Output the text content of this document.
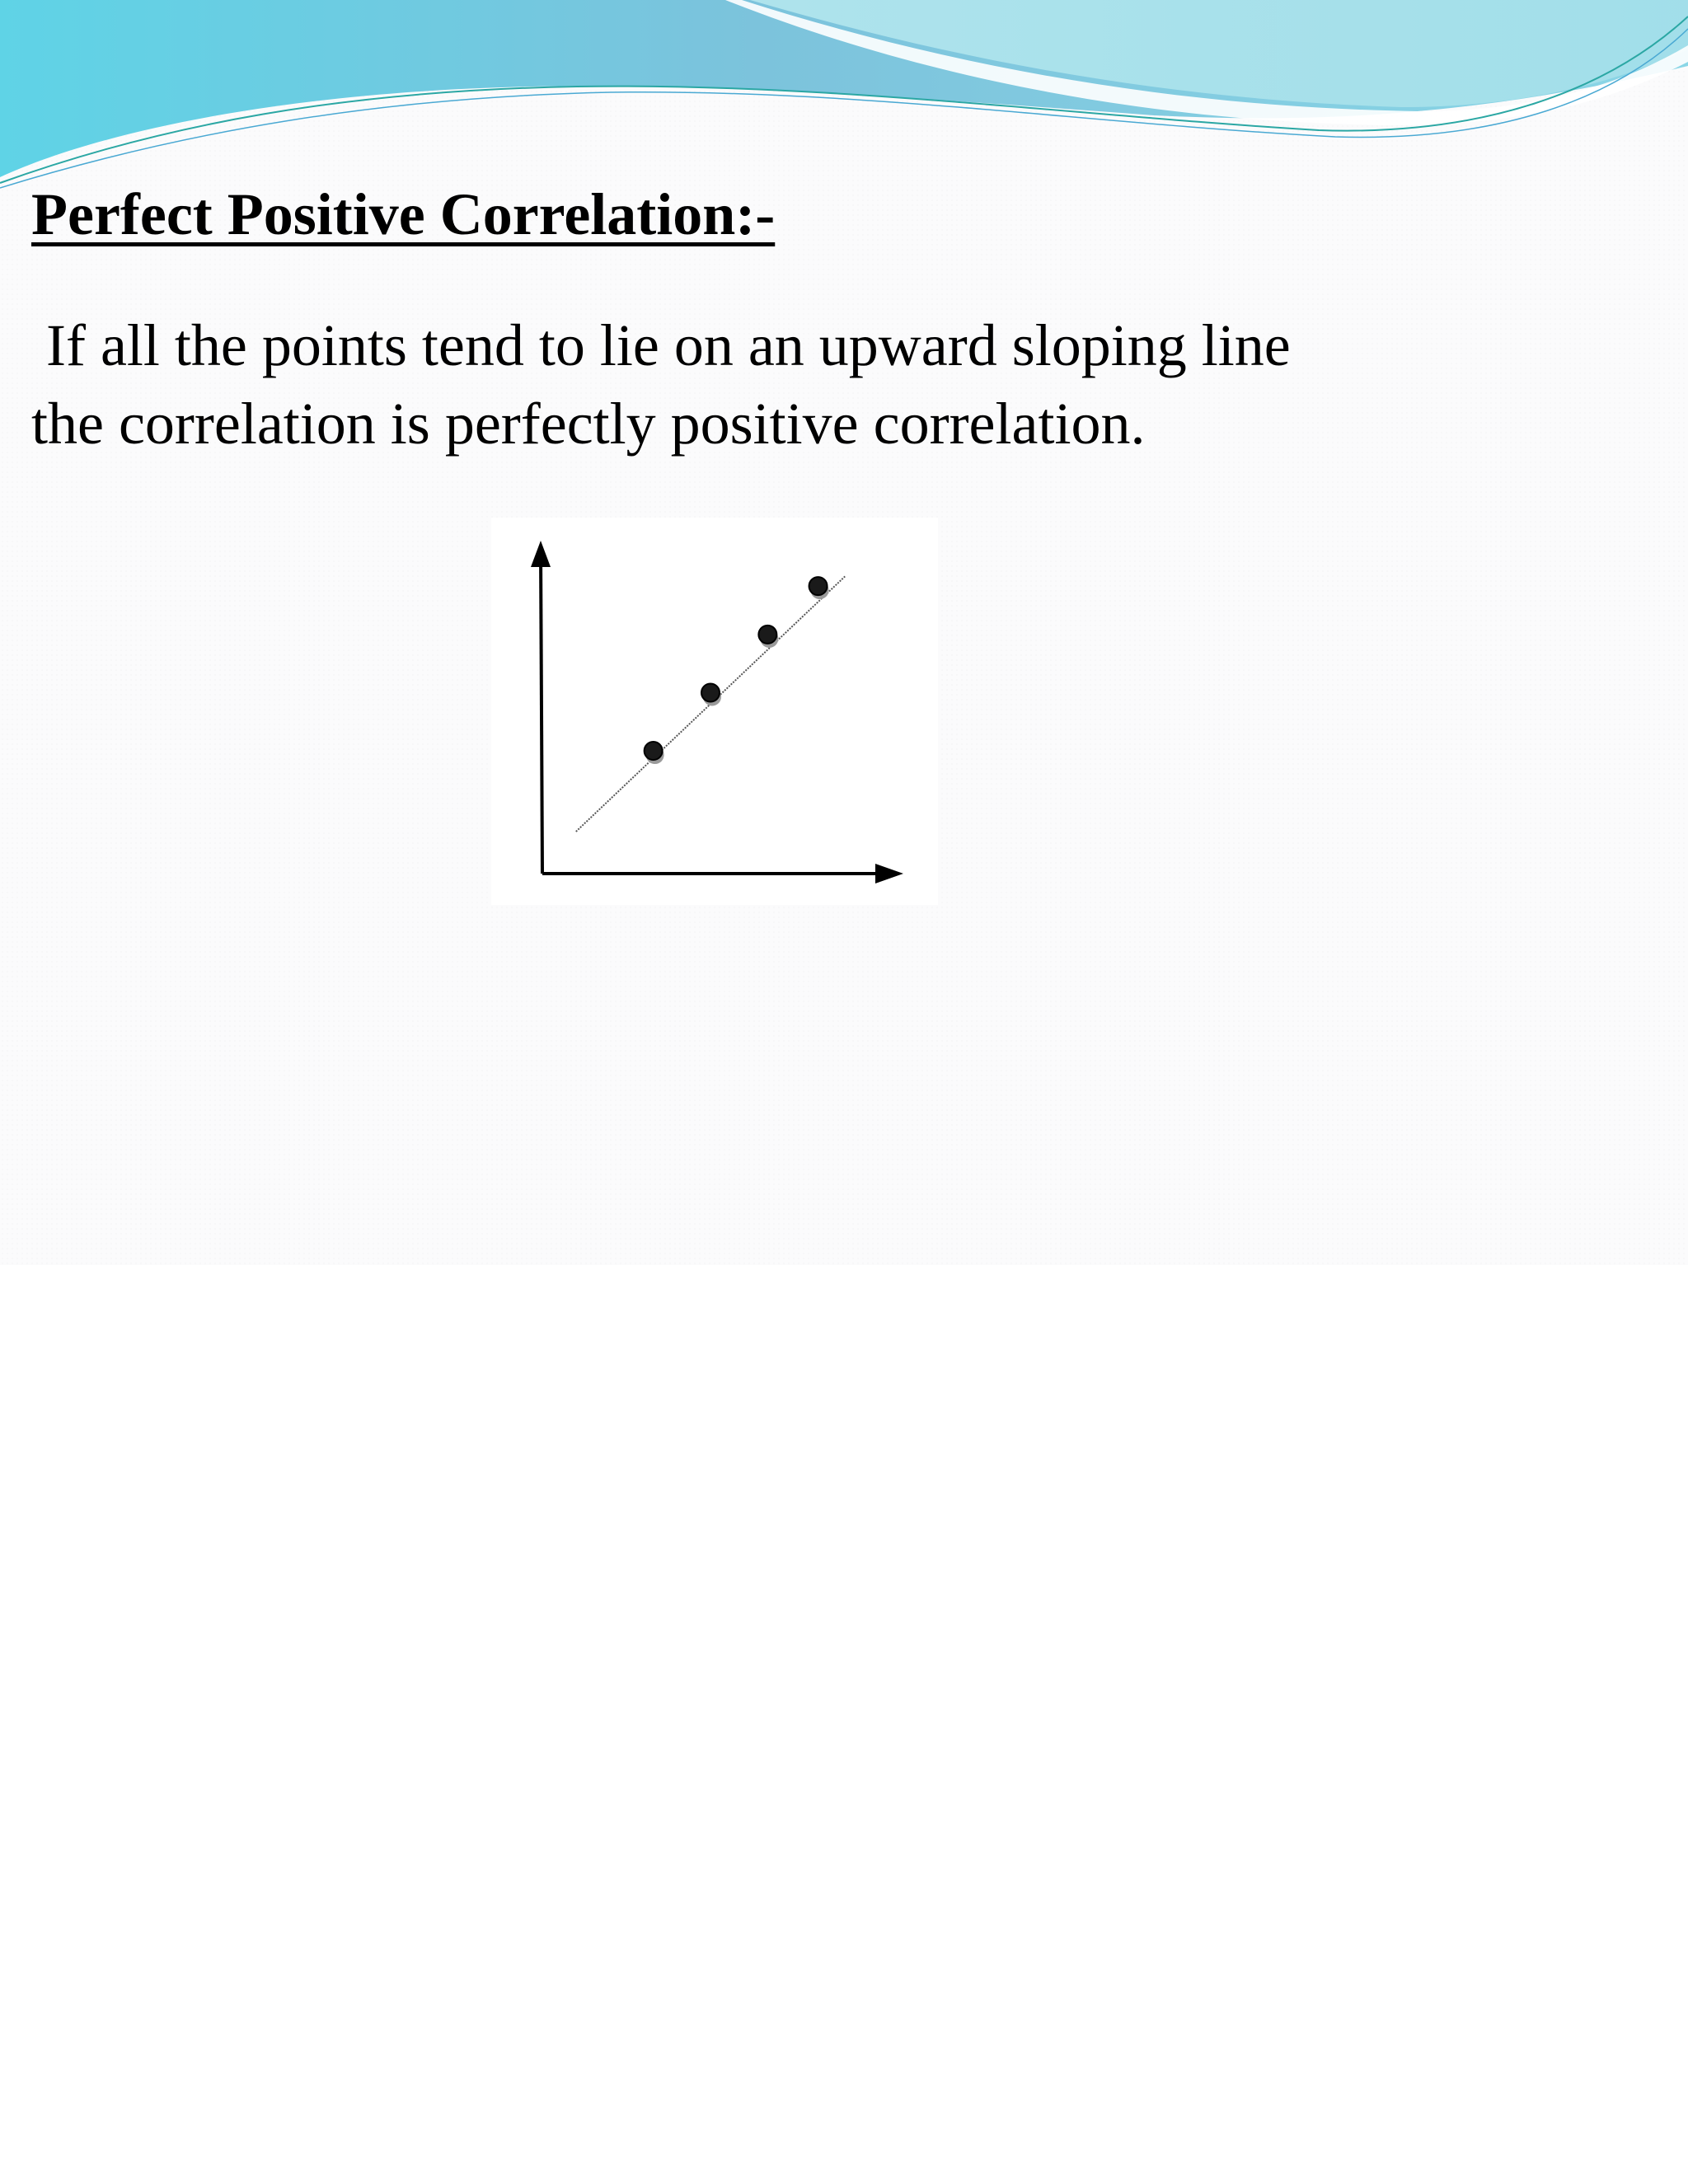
Perfect Positive Correlation:-

If all the points tend to lie on an upward sloping line
the correlation is perfectly positive correlation.
